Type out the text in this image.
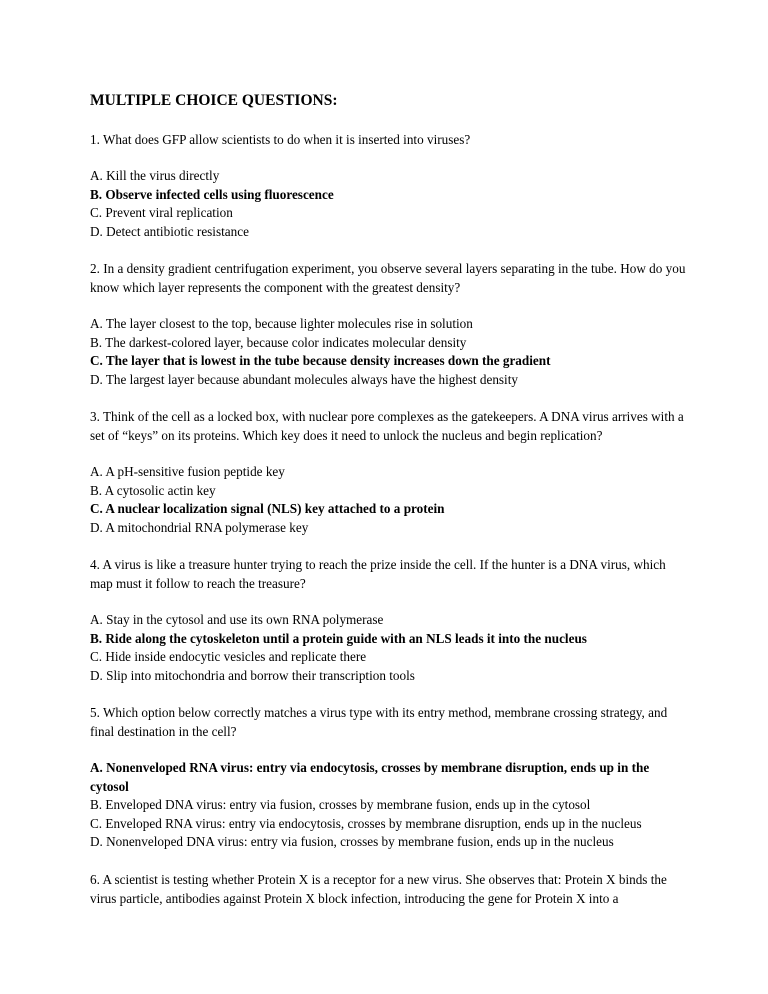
MULTIPLE CHOICE QUESTIONS:
1. What does GFP allow scientists to do when it is inserted into viruses?
A. Kill the virus directly
B. Observe infected cells using fluorescence
C. Prevent viral replication
D. Detect antibiotic resistance
2. In a density gradient centrifugation experiment, you observe several layers separating in the tube. How do you know which layer represents the component with the greatest density?
A. The layer closest to the top, because lighter molecules rise in solution
B. The darkest-colored layer, because color indicates molecular density
C. The layer that is lowest in the tube because density increases down the gradient
D. The largest layer because abundant molecules always have the highest density
3. Think of the cell as a locked box, with nuclear pore complexes as the gatekeepers. A DNA virus arrives with a set of “keys” on its proteins. Which key does it need to unlock the nucleus and begin replication?
A. A pH-sensitive fusion peptide key
B. A cytosolic actin key
C. A nuclear localization signal (NLS) key attached to a protein
D. A mitochondrial RNA polymerase key
4. A virus is like a treasure hunter trying to reach the prize inside the cell. If the hunter is a DNA virus, which map must it follow to reach the treasure?
A. Stay in the cytosol and use its own RNA polymerase
B. Ride along the cytoskeleton until a protein guide with an NLS leads it into the nucleus
C. Hide inside endocytic vesicles and replicate there
D. Slip into mitochondria and borrow their transcription tools
5. Which option below correctly matches a virus type with its entry method, membrane crossing strategy, and final destination in the cell?
A. Nonenveloped RNA virus: entry via endocytosis, crosses by membrane disruption, ends up in the cytosol
B. Enveloped DNA virus: entry via fusion, crosses by membrane fusion, ends up in the cytosol
C. Enveloped RNA virus: entry via endocytosis, crosses by membrane disruption, ends up in the nucleus
D. Nonenveloped DNA virus: entry via fusion, crosses by membrane fusion, ends up in the nucleus
6. A scientist is testing whether Protein X is a receptor for a new virus. She observes that: Protein X binds the virus particle, antibodies against Protein X block infection, introducing the gene for Protein X into a
